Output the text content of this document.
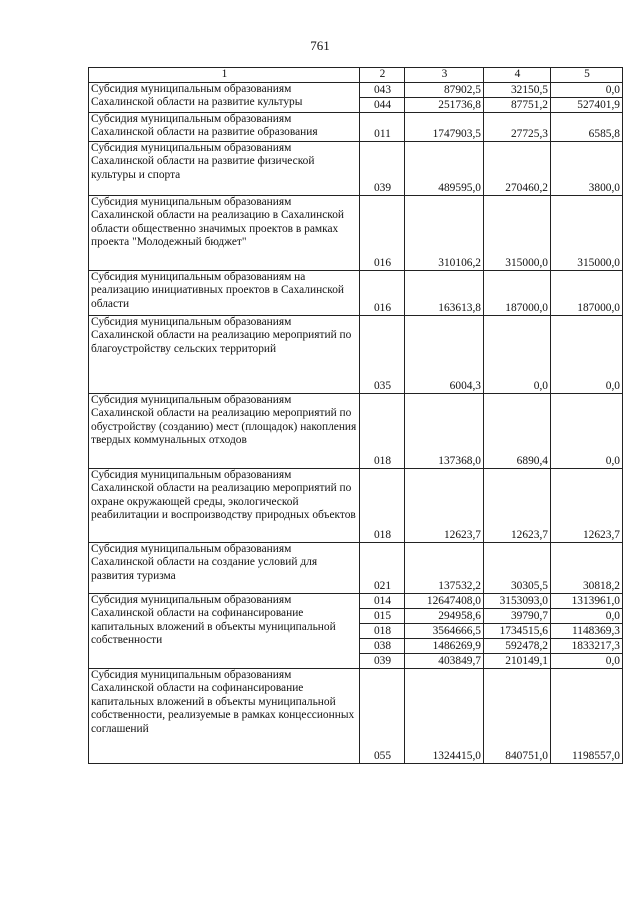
761
1	2	3	4	5
Субсидия муниципальным образованиям Сахалинской области на развитие культуры	043	87902,5	32150,5	0,0
	044	251736,8	87751,2	527401,9
Субсидия муниципальным образованиям Сахалинской области на развитие образования	011	1747903,5	27725,3	6585,8
Субсидия муниципальным образованиям Сахалинской области на развитие физической культуры и спорта	039	489595,0	270460,2	3800,0
Субсидия муниципальным образованиям Сахалинской области на реализацию в Сахалинской области общественно значимых проектов в рамках проекта "Молодежный бюджет"	016	310106,2	315000,0	315000,0
Субсидия муниципальным образованиям на реализацию инициативных проектов в Сахалинской области	016	163613,8	187000,0	187000,0
Субсидия муниципальным образованиям Сахалинской области на реализацию мероприятий по благоустройству сельских территорий	035	6004,3	0,0	0,0
Субсидия муниципальным образованиям Сахалинской области на реализацию мероприятий по обустройству (созданию) мест (площадок) накопления твердых коммунальных отходов	018	137368,0	6890,4	0,0
Субсидия муниципальным образованиям Сахалинской области на реализацию мероприятий по охране окружающей среды, экологической реабилитации и воспроизводству природных объектов	018	12623,7	12623,7	12623,7
Субсидия муниципальным образованиям Сахалинской области на создание условий для развития туризма	021	137532,2	30305,5	30818,2
Субсидия муниципальным образованиям Сахалинской области на софинансирование капитальных вложений в объекты муниципальной собственности	014	12647408,0	3153093,0	1313961,0
	015	294958,6	39790,7	0,0
	018	3564666,5	1734515,6	1148369,3
	038	1486269,9	592478,2	1833217,3
	039	403849,7	210149,1	0,0
Субсидия муниципальным образованиям Сахалинской области на софинансирование капитальных вложений в объекты муниципальной собственности, реализуемые в рамках концессионных соглашений	055	1324415,0	840751,0	1198557,0
